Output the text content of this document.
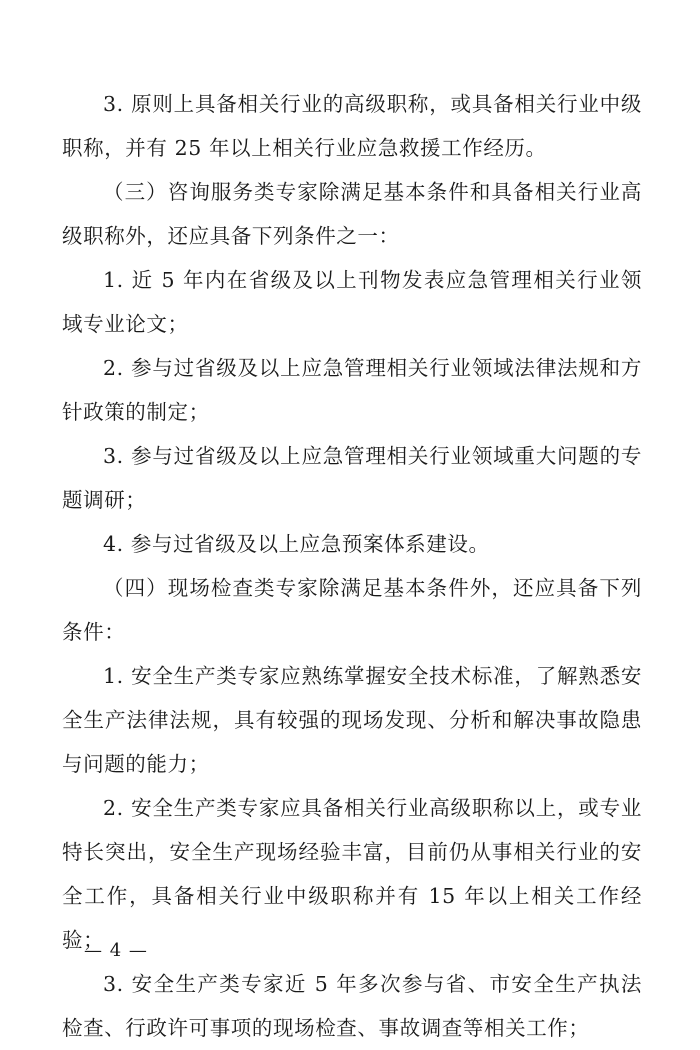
3. 原则上具备相关行业的高级职称，或具备相关行业中级职称，并有 25 年以上相关行业应急救援工作经历。

（三）咨询服务类专家除满足基本条件和具备相关行业高级职称外，还应具备下列条件之一：

1. 近 5 年内在省级及以上刊物发表应急管理相关行业领域专业论文；

2. 参与过省级及以上应急管理相关行业领域法律法规和方针政策的制定；

3. 参与过省级及以上应急管理相关行业领域重大问题的专题调研；

4. 参与过省级及以上应急预案体系建设。

（四）现场检查类专家除满足基本条件外，还应具备下列条件：

1. 安全生产类专家应熟练掌握安全技术标准，了解熟悉安全生产法律法规，具有较强的现场发现、分析和解决事故隐患与问题的能力；

2. 安全生产类专家应具备相关行业高级职称以上，或专业特长突出，安全生产现场经验丰富，目前仍从事相关行业的安全工作，具备相关行业中级职称并有 15 年以上相关工作经验；

3. 安全生产类专家近 5 年多次参与省、市安全生产执法检查、行政许可事项的现场检查、事故调查等相关工作；

— 4 —
